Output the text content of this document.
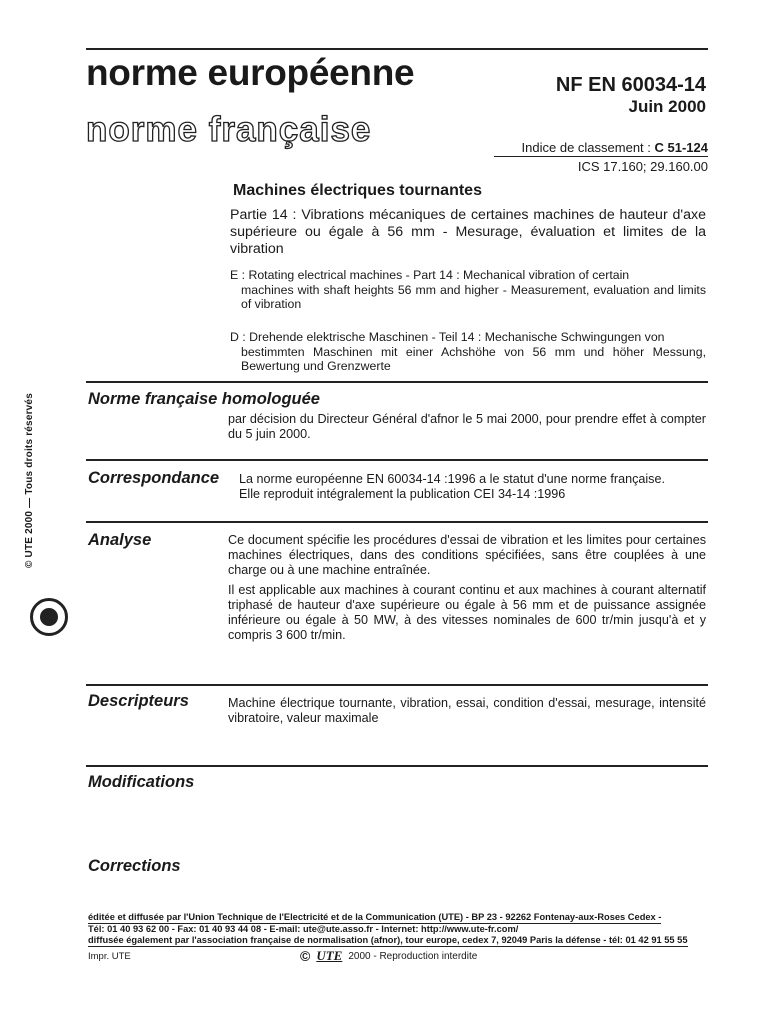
norme européenne
norme française
NF EN 60034-14
Juin 2000
Indice de classement : C 51-124
ICS 17.160; 29.160.00
Machines électriques tournantes
Partie 14 : Vibrations mécaniques de certaines machines de hauteur d'axe supérieure ou égale à 56 mm - Mesurage, évaluation et limites de la vibration
E : Rotating electrical machines - Part 14 : Mechanical vibration of certain
machines with shaft heights 56 mm and higher - Measurement, evaluation and limits of vibration
D : Drehende elektrische Maschinen - Teil 14 : Mechanische Schwingungen von
bestimmten Maschinen mit einer Achshöhe von 56 mm und höher Messung, Bewertung und Grenzwerte
Norme française homologuée
par décision du Directeur Général d'afnor le 5 mai 2000, pour prendre effet à compter du 5 juin 2000.
Correspondance La norme européenne EN 60034-14 :1996 a le statut d'une norme française.
Elle reproduit intégralement la publication CEI 34-14 :1996
Analyse	Ce document spécifie les procédures d'essai de vibration et les limites pour certaines machines électriques, dans des conditions spécifiées, sans être couplées à une charge ou à une machine entraînée.

Il est applicable aux machines à courant continu et aux machines à courant alternatif triphasé de hauteur d'axe supérieure ou égale à 56 mm et de puissance assignée inférieure ou égale à 50 MW, à des vitesses nominales de 600 tr/min jusqu'à et y compris 3 600 tr/min.

Descripteurs	Machine électrique tournante, vibration, essai, condition d'essai, mesurage, intensité vibratoire, valeur maximale
Modifications
Corrections
© UTE 2000 — Tous droits réservés
éditée et diffusée par l'Union Technique de l'Electricité et de la Communication (UTE) - BP 23 - 92262 Fontenay-aux-Roses Cedex -
Tél: 01 40 93 62 00 - Fax: 01 40 93 44 08 - E-mail: ute@ute.asso.fr - Internet: http://www.ute-fr.com/
diffusée également par l'association française de normalisation (afnor), tour europe, cedex 7, 92049 Paris la défense - tél: 01 42 91 55 55
Impr. UTE	© UTE 2000 - Reproduction interdite
